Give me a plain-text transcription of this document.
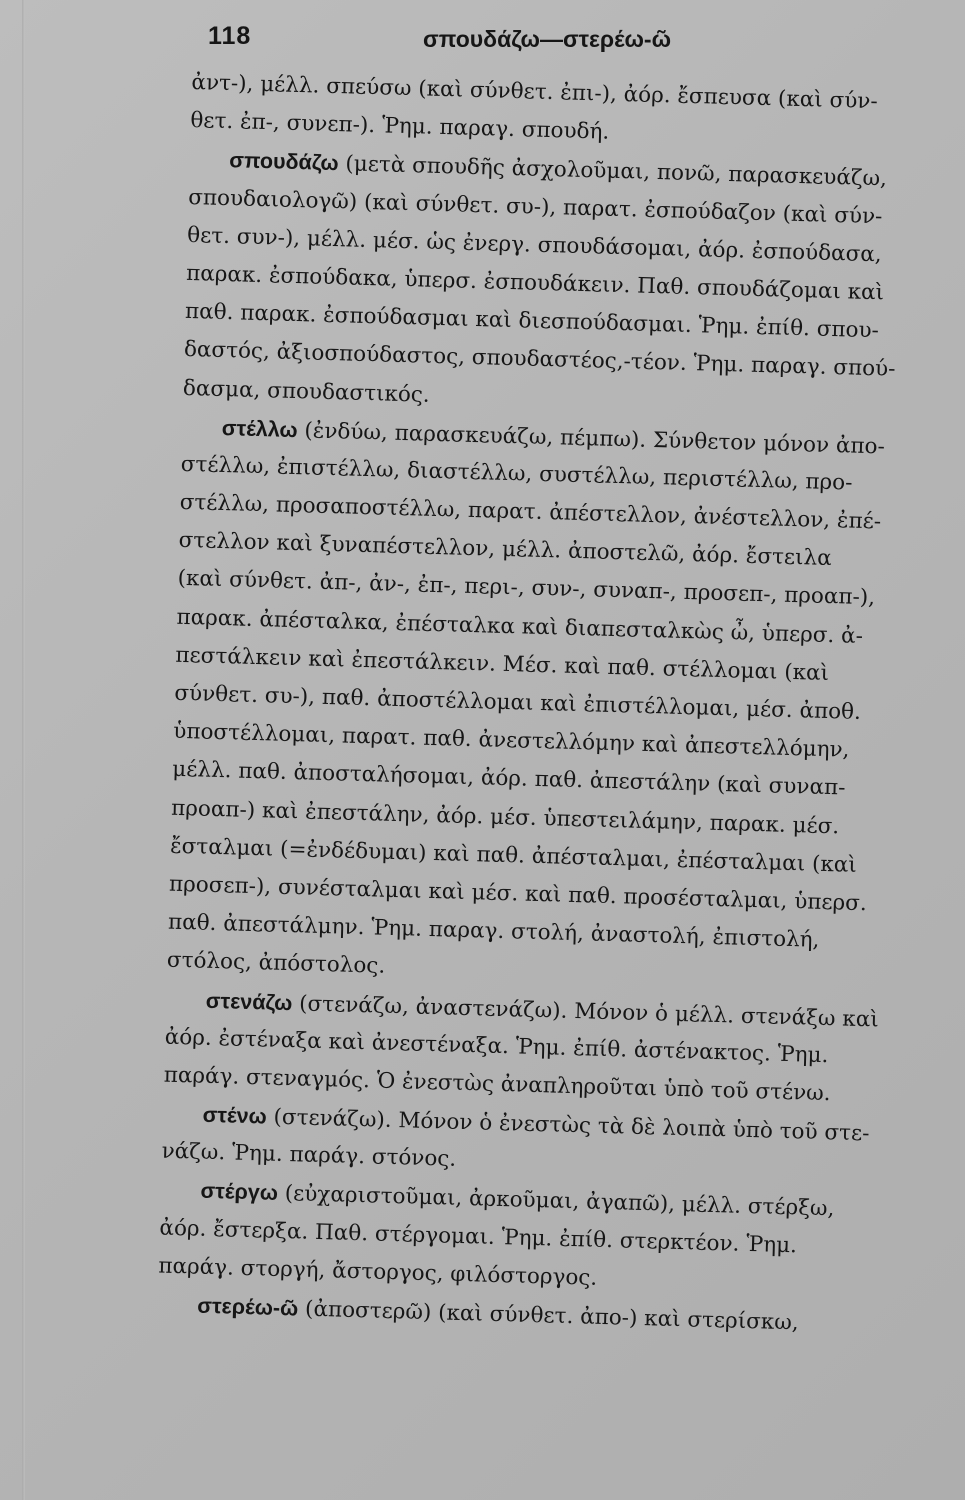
118	σπουδάζω—στερέω-ῶ
ἀντ-), μέλλ. σπεύσω (καὶ σύνθετ. ἐπι-), ἀόρ. ἔσπευσα (καὶ σύν-
θετ. ἐπ-, συνεπ-). Ῥημ. παραγ. σπουδή.
σπουδάζω (μετὰ σπουδῆς ἀσχολοῦμαι, πονῶ, παρασκευάζω,
σπουδαιολογῶ) (καὶ σύνθετ. συ-), παρατ. ἐσπούδαζον (καὶ σύν-
θετ. συν-), μέλλ. μέσ. ὡς ἐνεργ. σπουδάσομαι, ἀόρ. ἐσπούδασα,
παρακ. ἐσπούδακα, ὑπερσ. ἐσπουδάκειν. Παθ. σπουδάζομαι καὶ
παθ. παρακ. ἐσπούδασμαι καὶ διεσπούδασμαι. Ῥημ. ἐπίθ. σπου-
δαστός, ἀξιοσπούδαστος, σπουδαστέος,-τέον. Ῥημ. παραγ. σπού-
δασμα, σπουδαστικός.
στέλλω (ἐνδύω, παρασκευάζω, πέμπω). Σύνθετον μόνον ἀπο-
στέλλω, ἐπιστέλλω, διαστέλλω, συστέλλω, περιστέλλω, προ-
στέλλω, προσαποστέλλω, παρατ. ἀπέστελλον, ἀνέστελλον, ἐπέ-
στελλον καὶ ξυναπέστελλον, μέλλ. ἀποστελῶ, ἀόρ. ἔστειλα
(καὶ σύνθετ. ἀπ-, ἀν-, ἐπ-, περι-, συν-, συναπ-, προσεπ-, προαπ-),
παρακ. ἀπέσταλκα, ἐπέσταλκα καὶ διαπεσταλκὼς ὦ, ὑπερσ. ἀ-
πεστάλκειν καὶ ἐπεστάλκειν. Μέσ. καὶ παθ. στέλλομαι (καὶ
σύνθετ. συ-), παθ. ἀποστέλλομαι καὶ ἐπιστέλλομαι, μέσ. ἀποθ.
ὑποστέλλομαι, παρατ. παθ. ἀνεστελλόμην καὶ ἀπεστελλόμην,
μέλλ. παθ. ἀποσταλήσομαι, ἀόρ. παθ. ἀπεστάλην (καὶ συναπ-
προαπ-) καὶ ἐπεστάλην, ἀόρ. μέσ. ὑπεστειλάμην, παρακ. μέσ.
ἔσταλμαι (=ἐνδέδυμαι) καὶ παθ. ἀπέσταλμαι, ἐπέσταλμαι (καὶ
προσεπ-), συνέσταλμαι καὶ μέσ. καὶ παθ. προσέσταλμαι, ὑπερσ.
παθ. ἀπεστάλμην. Ῥημ. παραγ. στολή, ἀναστολή, ἐπιστολή,
στόλος, ἀπόστολος.
στενάζω (στενάζω, ἀναστενάζω). Μόνον ὁ μέλλ. στενάξω καὶ
ἀόρ. ἐστέναξα καὶ ἀνεστέναξα. Ῥημ. ἐπίθ. ἀστένακτος. Ῥημ.
παράγ. στεναγμός. Ὁ ἐνεστὼς ἀναπληροῦται ὑπὸ τοῦ στένω.
στένω (στενάζω). Μόνον ὁ ἐνεστὼς τὰ δὲ λοιπὰ ὑπὸ τοῦ στε-
νάζω. Ῥημ. παράγ. στόνος.
στέργω (εὐχαριστοῦμαι, ἀρκοῦμαι, ἀγαπῶ), μέλλ. στέρξω,
ἀόρ. ἔστερξα. Παθ. στέργομαι. Ῥημ. ἐπίθ. στερκτέον. Ῥημ.
παράγ. στοργή, ἄστοργος, φιλόστοργος.
στερέω-ῶ (ἀποστερῶ) (καὶ σύνθετ. ἀπο-) καὶ στερίσκω,
